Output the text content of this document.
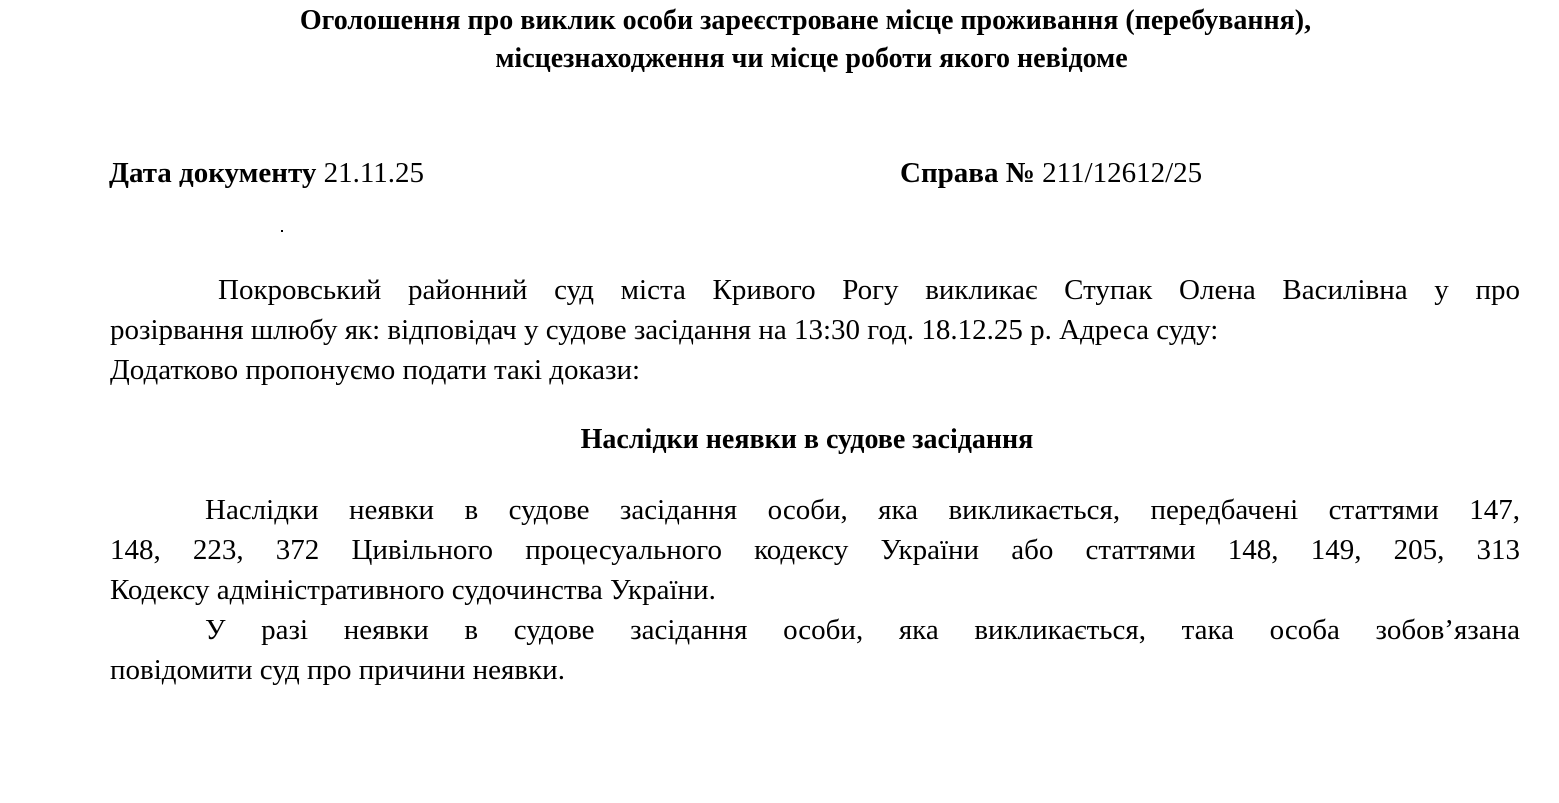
Оголошення про виклик особи зареєстроване місце проживання (перебування),
місцезнаходження чи місце роботи якого невідоме
Дата документу 21.11.25	Справа № 211/12612/25
Покровський районний суд міста Кривого Рогу викликає Ступак Олена Василівна у про
розірвання шлюбу як: відповідач у судове засідання на 13:30 год. 18.12.25 р. Адреса суду:
Додатково пропонуємо подати такі докази:
Наслідки неявки в судове засідання
Наслідки неявки в судове засідання особи, яка викликається, передбачені статтями 147,
148, 223, 372 Цивільного процесуального кодексу України або статтями 148, 149, 205, 313
Кодексу адміністративного судочинства України.
У разі неявки в судове засідання особи, яка викликається, така особа зобов’язана
повідомити суд про причини неявки.
